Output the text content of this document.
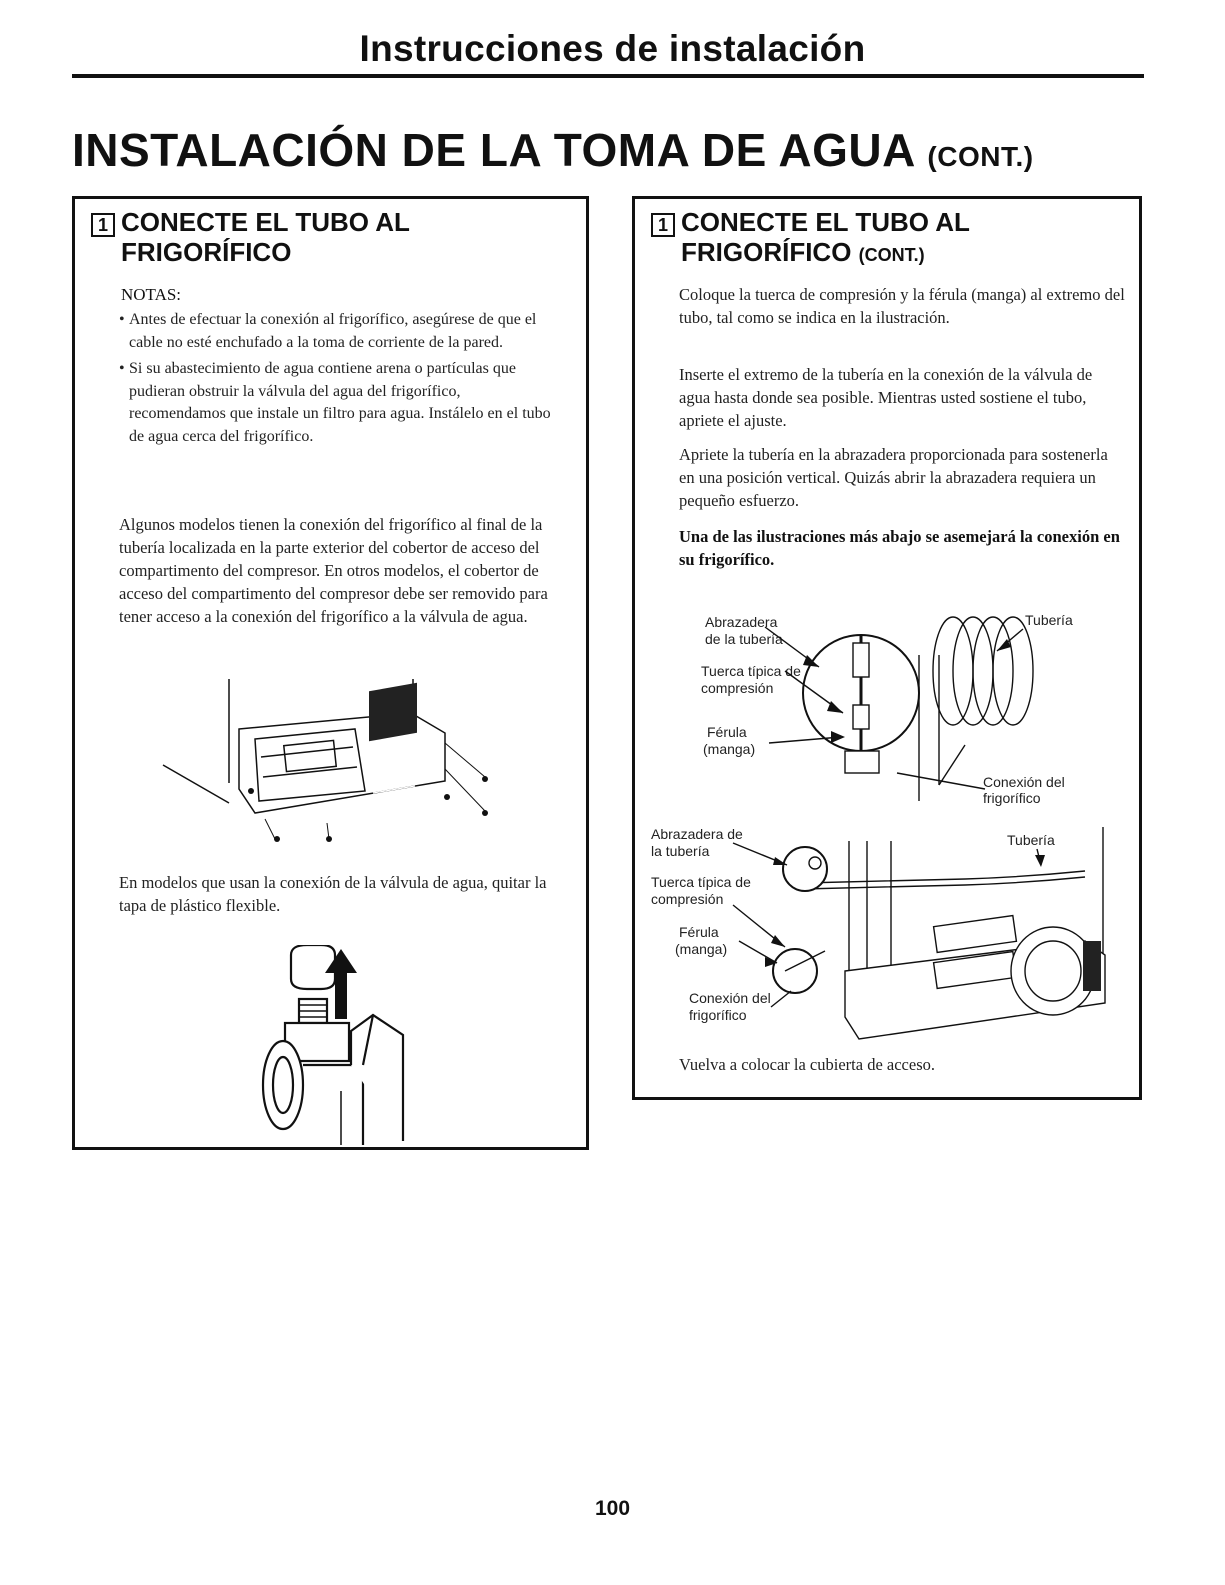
Instrucciones de instalación
INSTALACIÓN DE LA TOMA DE AGUA (CONT.)
1 CONECTE EL TUBO AL
FRIGORÍFICO
NOTAS:
• Antes de efectuar la conexión al frigorífico, asegúrese de que el cable no esté enchufado a la toma de corriente de la pared.
• Si su abastecimiento de agua contiene arena o partículas que pudieran obstruir la válvula del agua del frigorífico, recomendamos que instale un filtro para agua. Instálelo en el tubo de agua cerca del frigorífico.

Algunos modelos tienen la conexión del frigorífico al final de la tubería localizada en la parte exterior del cobertor de acceso del compartimento del compresor. En otros modelos, el cobertor de acceso del compartimento del compresor debe ser removido para tener acceso a la conexión del frigorífico a la válvula de agua.

En modelos que usan la conexión de la válvula de agua, quitar la tapa de plástico flexible.

1 CONECTE EL TUBO AL
FRIGORÍFICO (CONT.)

Coloque la tuerca de compresión y la férula (manga) al extremo del tubo, tal como se indica en la ilustración.

Inserte el extremo de la tubería en la conexión de la válvula de agua hasta donde sea posible. Mientras usted sostiene el tubo, apriete el ajuste.

Apriete la tubería en la abrazadera proporcionada para sostenerla en una posición vertical. Quizás abrir la abrazadera requiera un pequeño esfuerzo.

Una de las ilustraciones más abajo se asemejará la conexión en su frigorífico.

Abrazadera
de la tubería
Tuerca típica de
compresión
Férula
(manga)
Tubería
Conexión del
frigorífico
Abrazadera de
la tubería
Tuerca típica de
compresión
Férula
(manga)
Tubería
Conexión del
frigorífico

Vuelva a colocar la cubierta de acceso.

100
